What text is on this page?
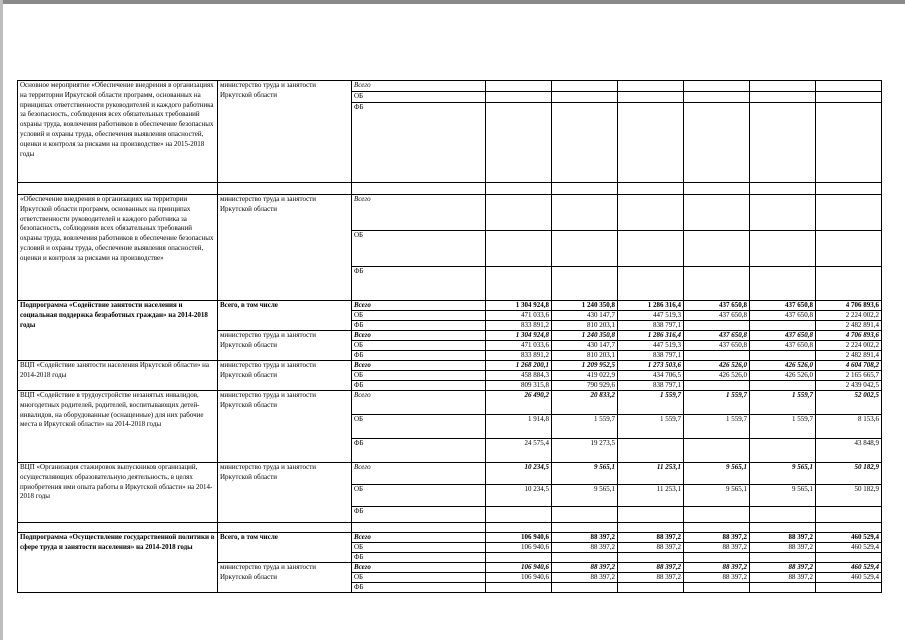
Основное мероприятие «Обеспечение внедрения в организациях на территории Иркутской области программ, основанных на принципах ответственности руководителей и каждого работника за безопасность, соблюдения всех обязательных требований охраны труда, вовлечения работников в обеспечение безопасных условий и охраны труда, обеспечения выявления опасностей, оценки и контроля за рисками на производстве» на 2015-2018 годы	министерство труда и занятости Иркутской области	Всего						
		ОБ						
		ФБ						

«Обеспечение внедрения в организациях на территории Иркутской области программ, основанных на принципах ответственности руководителей и каждого работника за безопасность, соблюдения всех обязательных требований охраны труда, вовлечения работников в обеспечение безопасных условий и охраны труда, обеспечение выявления опасностей, оценки и контроля за рисками на производстве»	министерство труда и занятости Иркутской области	Всего						
		ОБ						
		ФБ						
Подпрограмма «Содействие занятости населения и социальная поддержка безработных граждан» на 2014-2018 годы	Всего, в том числе	Всего	1 304 924,8	1 240 350,8	1 286 316,4	437 650,8	437 650,8	4 706 893,6
		ОБ	471 033,6	430 147,7	447 519,3	437 650,8	437 650,8	2 224 002,2
		ФБ	833 891,2	810 203,1	838 797,1			2 482 891,4
	министерство труда и занятости Иркутской области	Всего	1 304 924,8	1 240 350,8	1 286 316,4	437 650,8	437 650,8	4 706 893,6
		ОБ	471 033,6	430 147,7	447 519,3	437 650,8	437 650,8	2 224 002,2
		ФБ	833 891,2	810 203,1	838 797,1			2 482 891,4
ВЦП «Содействие занятости населения Иркутской области» на 2014-2018 годы	министерство труда и занятости Иркутской области	Всего	1 268 200,1	1 209 952,5	1 273 503,6	426 526,0	426 526,0	4 604 708,2
		ОБ	458 884,3	419 022,9	434 706,5	426 526,0	426 526,0	2 165 665,7
		ФБ	809 315,8	790 929,6	838 797,1			2 439 042,5
ВЦП «Содействие в трудоустройстве незанятых инвалидов, многодетных родителей, родителей, воспитывающих детей-инвалидов, на оборудованные (оснащенные) для них рабочие места в Иркутской области» на 2014-2018 годы	министерство труда и занятости Иркутской области	Всего	26 490,2	20 833,2	1 559,7	1 559,7	1 559,7	52 002,5
		ОБ	1 914,8	1 559,7	1 559,7	1 559,7	1 559,7	8 153,6
		ФБ	24 575,4	19 273,5				43 848,9
ВЦП «Организация стажировок выпускников организаций, осуществляющих образовательную деятельность, в целях приобретения ими опыта работы в Иркутской области» на 2014-2018 годы	министерство труда и занятости Иркутской области	Всего	10 234,5	9 565,1	11 253,1	9 565,1	9 565,1	50 182,9
		ОБ	10 234,5	9 565,1	11 253,1	9 565,1	9 565,1	50 182,9
		ФБ						

Подпрограмма «Осуществление государственной политики в сфере труда и занятости населения» на 2014-2018 годы	Всего, в том числе	Всего	106 940,6	88 397,2	88 397,2	88 397,2	88 397,2	460 529,4
		ОБ	106 940,6	88 397,2	88 397,2	88 397,2	88 397,2	460 529,4
		ФБ						
	министерство труда и занятости Иркутской области	Всего	106 940,6	88 397,2	88 397,2	88 397,2	88 397,2	460 529,4
		ОБ	106 940,6	88 397,2	88 397,2	88 397,2	88 397,2	460 529,4
		ФБ						
